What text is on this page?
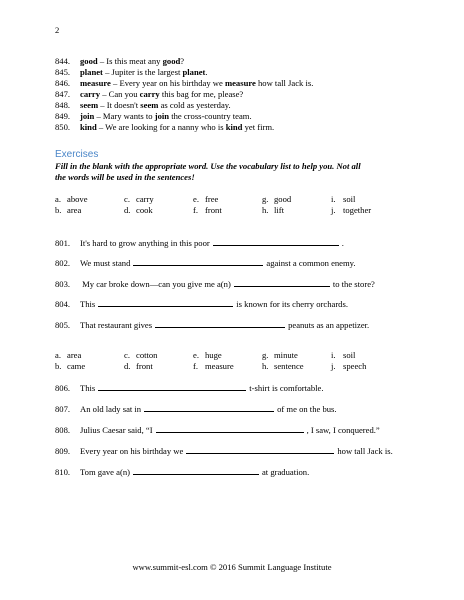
2
844. good – Is this meat any good?
845. planet – Jupiter is the largest planet.
846. measure – Every year on his birthday we measure how tall Jack is.
847. carry – Can you carry this bag for me, please?
848. seem – It doesn't seem as cold as yesterday.
849. join – Mary wants to join the cross-country team.
850. kind – We are looking for a nanny who is kind yet firm.
Exercises
Fill in the blank with the appropriate word. Use the vocabulary list to help you. Not all
the words will be used in the sentences!
a. above	c. carry	e. free	g. good	i. soil
b. area	d. cook	f. front	h. lift	j. together
801. It's hard to grow anything in this poor	.
802. We must stand	against a common enemy.
803. My car broke down—can you give me a(n)	to the store?
804. This	is known for its cherry orchards.
805. That restaurant gives	peanuts as an appetizer.
a. area	c. cotton	e. huge	g. minute	i. soil
b. came	d. front	f. measure	h. sentence	j. speech
806. This	t-shirt is comfortable.
807. An old lady sat in	of me on the bus.
808. Julius Caesar said, “I	, I saw, I conquered.”
809. Every year on his birthday we	how tall Jack is.
810. Tom gave a(n)	at graduation.
www.summit-esl.com © 2016 Summit Language Institute
